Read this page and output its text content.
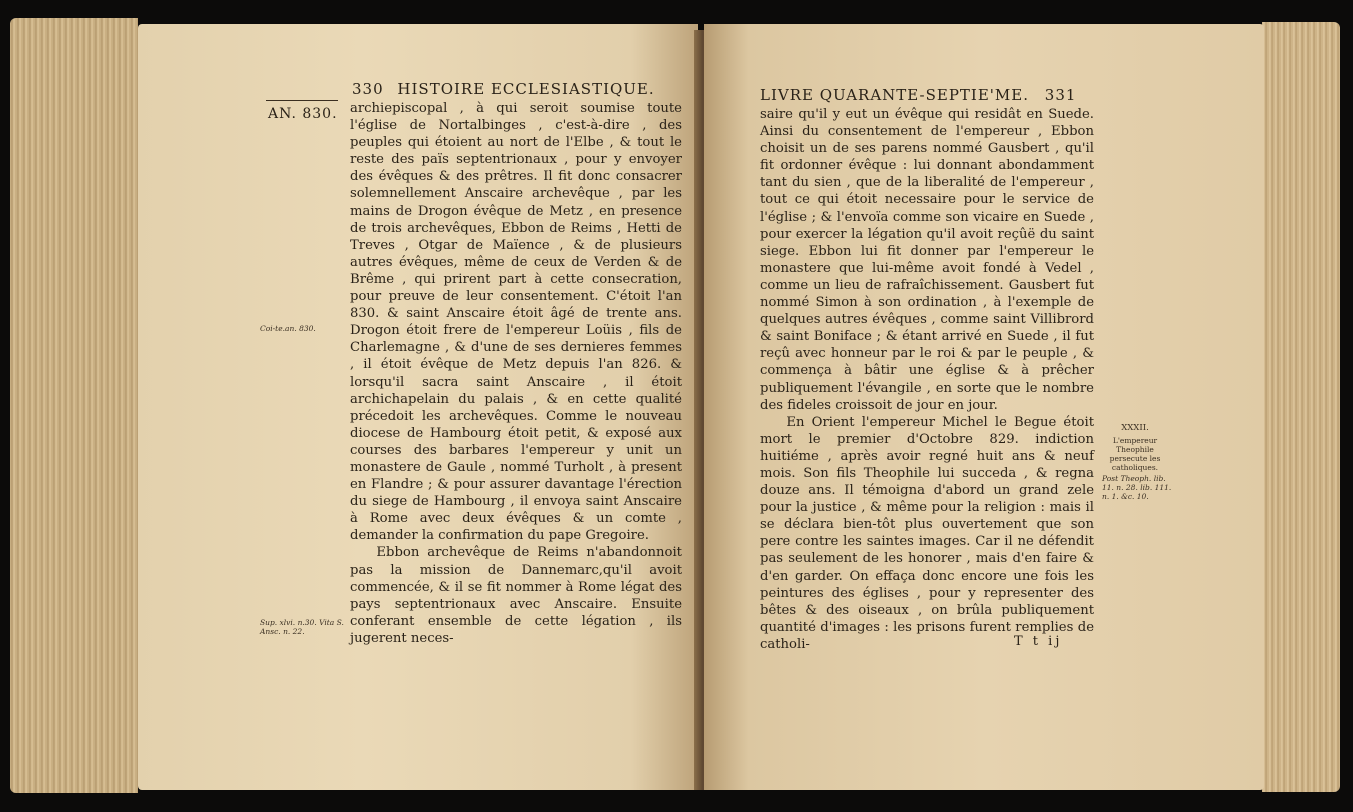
330 HISTOIRE ECCLESIASTIQUE.
AN. 830. archiepiscopal , à qui seroit soumise toute l'église de Nortalbinges , c'est-à-dire , des peuples qui étoient au nort de l'Elbe , & tout le reste des païs septentrionaux , pour y envoyer des évêques & des prêtres. Il fit donc consacrer solemnellement Anscaire archevêque , par les mains de Drogon évêque de Metz , en presence de trois archevêques, Ebbon de Reims , Hetti de Treves , Otgar de Maïence , & de plusieurs autres évêques, même de ceux de Verden & de Brême , qui prirent part à cette consecration, pour preuve de leur consentement. C'étoit l'an 830. & saint Anscaire étoit âgé de trente ans. Drogon étoit frere de l'empereur Loüis , fils de Charlemagne , & d'une de ses dernieres femmes , il étoit évêque de Metz depuis l'an 826. & lorsqu'il sacra saint Anscaire , il étoit archichapelain du palais , & en cette qualité précedoit les archevêques. Comme le nouveau diocese de Hambourg étoit petit, & exposé aux courses des barbares l'empereur y unit un monastere de Gaule , nommé Turholt , à present en Flandre ; & pour assurer davantage l'érection du siege de Hambourg , il envoya saint Anscaire à Rome avec deux évêques & un comte , demander la confirmation du pape Gregoire.

Ebbon archevêque de Reims n'abandonnoit pas la mission de Dannemarc,qu'il avoit commencée, & il se fit nommer à Rome légat des pays septentrionaux avec Anscaire. Ensuite conferant ensemble de cette légation , ils jugerent neces-

Coi-te.an. 830.
Sup. xlvi. n.30. Vita S. Ansc. n. 22.
LIVRE QUARANTE-SEPTIE'ME. 331

saire qu'il y eut un évêque qui residât en Suede. Ainsi du consentement de l'empereur , Ebbon choisit un de ses parens nommé Gausbert , qu'il fit ordonner évêque : lui donnant abondamment tant du sien , que de la liberalité de l'empereur , tout ce qui étoit necessaire pour le service de l'église ; & l'envoïa comme son vicaire en Suede , pour exercer la légation qu'il avoit reçûë du saint siege. Ebbon lui fit donner par l'empereur le monastere que lui-même avoit fondé à Vedel , comme un lieu de rafraîchissement. Gausbert fut nommé Simon à son ordination , à l'exemple de quelques autres évêques , comme saint Villibrord & saint Boniface ; & étant arrivé en Suede , il fut reçû avec honneur par le roi & par le peuple , & commença à bâtir une église & à prêcher publiquement l'évangile , en sorte que le nombre des fideles croissoit de jour en jour.

En Orient l'empereur Michel le Begue étoit mort le premier d'Octobre 829. indiction huitiéme , après avoir regné huit ans & neuf mois. Son fils Theophile lui succeda , & regna douze ans. Il témoigna d'abord un grand zele pour la justice , & même pour la religion : mais il se déclara bien-tôt plus ouvertement que son pere contre les saintes images. Car il ne défendit pas seulement de les honorer , mais d'en faire & d'en garder. On effaça donc encore une fois les peintures des églises , pour y representer des bêtes & des oiseaux , on brûla publiquement quantité d'images : les prisons furent remplies de catholi-

XXXII.
L'empereur Theophile persecute les catholiques.
Post Theoph. lib. 11. n. 28. lib. 111. n. 1. &c. 10.
T t ij
